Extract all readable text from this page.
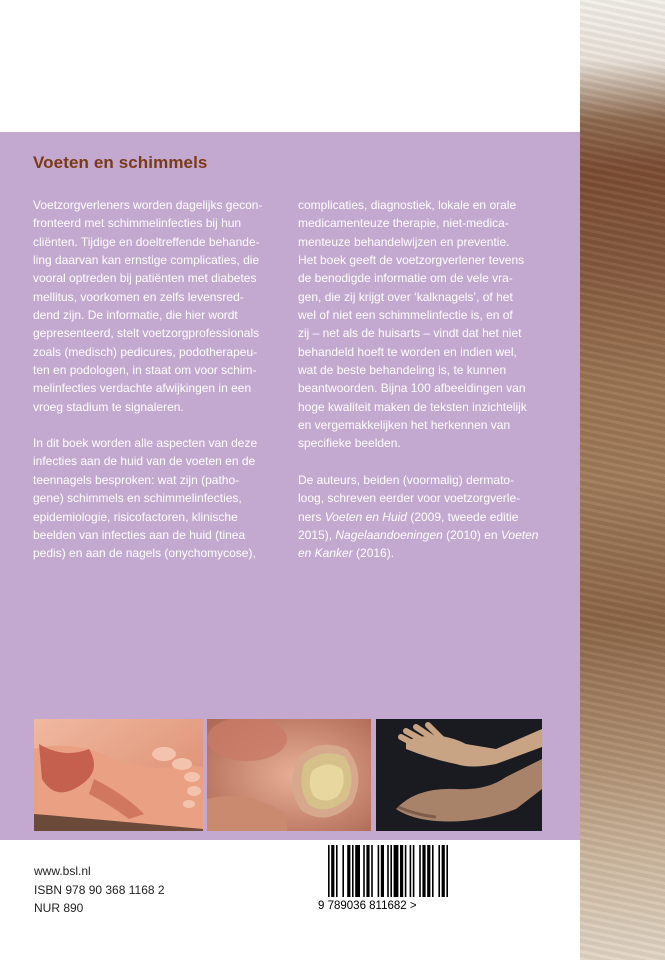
Voeten en schimmels

Voetzorgverleners worden dagelijks gecon-
fronteerd met schimmelinfecties bij hun
cliënten. Tijdige en doeltreffende behande-
ling daarvan kan ernstige complicaties, die
vooral optreden bij patiënten met diabetes
mellitus, voorkomen en zelfs levensred-
dend zijn. De informatie, die hier wordt
gepresenteerd, stelt voetzorgprofessionals
zoals (medisch) pedicures, podotherapeu-
ten en podologen, in staat om voor schim-
melinfecties verdachte afwijkingen in een
vroeg stadium te signaleren.

In dit boek worden alle aspecten van deze
infecties aan de huid van de voeten en de
teennagels besproken: wat zijn (patho-
gene) schimmels en schimmelinfecties,
epidemiologie, risicofactoren, klinische
beelden van infecties aan de huid (tinea
pedis) en aan de nagels (onychomycose),

complicaties, diagnostiek, lokale en orale
medicamenteuze therapie, niet-medica-
menteuze behandelwijzen en preventie.
Het boek geeft de voetzorgverlener tevens
de benodigde informatie om de vele vra-
gen, die zij krijgt over ‘kalknagels’, of het
wel of niet een schimmelinfectie is, en of
zij – net als de huisarts – vindt dat het niet
behandeld hoeft te worden en indien wel,
wat de beste behandeling is, te kunnen
beantwoorden. Bijna 100 afbeeldingen van
hoge kwaliteit maken de teksten inzichtelijk
en vergemakkelijken het herkennen van
specifieke beelden.

De auteurs, beiden (voormalig) dermato-
loog, schreven eerder voor voetzorgverle-
ners Voeten en Huid (2009, tweede editie
2015), Nagelaandoeningen (2010) en Voeten
en Kanker (2016).

www.bsl.nl

ISBN 978 90 368 1168 2

NUR 890	9 789036 811682 >
